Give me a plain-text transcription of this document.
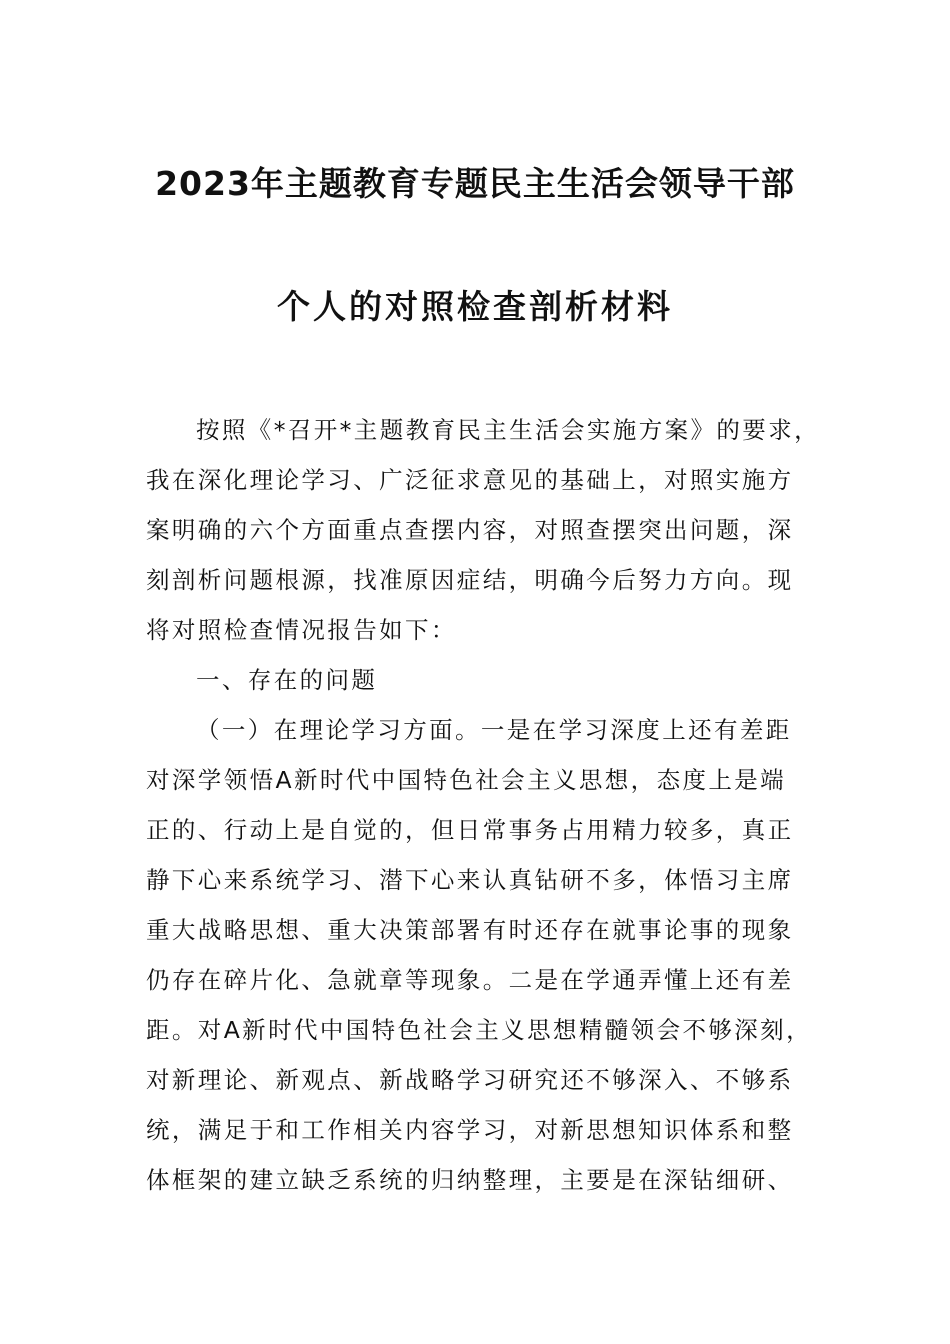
2023年主题教育专题民主生活会领导干部
个人的对照检查剖析材料
按照《*召开*主题教育民主生活会实施方案》的要求，
我在深化理论学习、广泛征求意见的基础上，对照实施方
案明确的六个方面重点查摆内容，对照查摆突出问题，深
刻剖析问题根源，找准原因症结，明确今后努力方向。现
将对照检查情况报告如下：
一、存在的问题
（一）在理论学习方面。一是在学习深度上还有差距
对深学领悟A新时代中国特色社会主义思想，态度上是端
正的、行动上是自觉的，但日常事务占用精力较多，真正
静下心来系统学习、潜下心来认真钻研不多，体悟习主席
重大战略思想、重大决策部署有时还存在就事论事的现象
仍存在碎片化、急就章等现象。二是在学通弄懂上还有差
距。对A新时代中国特色社会主义思想精髓领会不够深刻，
对新理论、新观点、新战略学习研究还不够深入、不够系
统，满足于和工作相关内容学习，对新思想知识体系和整
体框架的建立缺乏系统的归纳整理，主要是在深钻细研、
